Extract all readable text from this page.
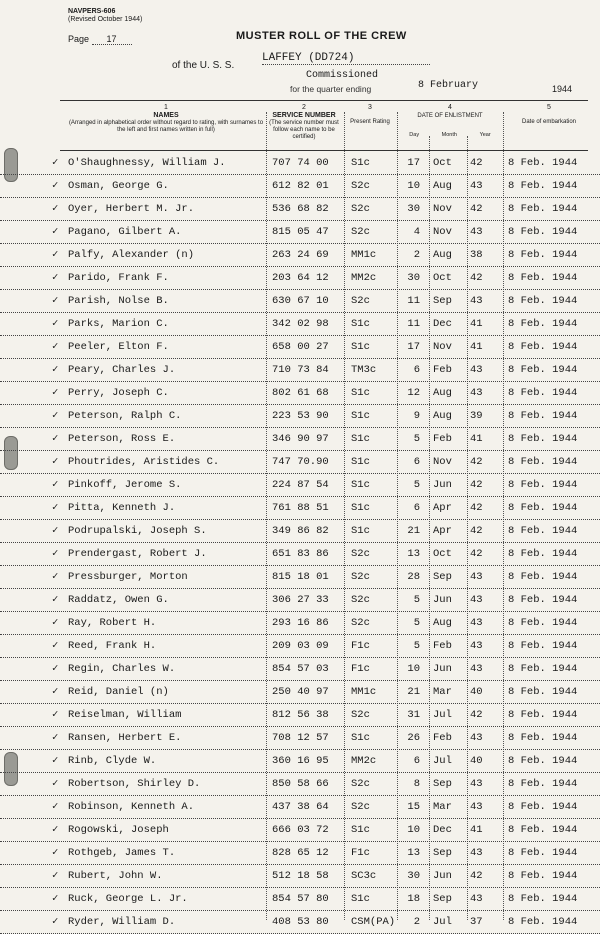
NAVPERS-606
(Revised October 1944)
Page 17	MUSTER ROLL OF THE CREW
of the U. S. S.
LAFFEY (DD724)
Commissioned
for the quarter ending	8 February	1944
1
NAMES
(Arranged in alphabetical order without regard to rating, with surnames to the left and first names written in full)
2
SERVICE NUMBER
(The service number must follow each name to be certified)
3
Present Rating
4
DATE OF ENLISTMENT
Day	Month	Year
5
Date of embarkation
✓ O'Shaughnessy, William J.	707 74 00	S1c	17 Oct	42	8 Feb. 1944
✓ Osman, George G.	612 82 01	S2c	10 Aug	43	8 Feb. 1944
✓ Oyer, Herbert M. Jr.	536 68 82	S2c	30 Nov	42	8 Feb. 1944
✓ Pagano, Gilbert A.	815 05 47	S2c	4 Nov	43	8 Feb. 1944
✓ Palfy, Alexander (n)	263 24 69	MM1c	2 Aug	38	8 Feb. 1944
✓ Parido, Frank F.	203 64 12	MM2c	30 Oct	42	8 Feb. 1944
✓ Parish, Nolse B.	630 67 10	S2c	11 Sep	43	8 Feb. 1944
✓ Parks, Marion C.	342 02 98	S1c	11 Dec	41	8 Feb. 1944
✓ Peeler, Elton F.	658 00 27	S1c	17 Nov	41	8 Feb. 1944
✓ Peary, Charles J.	710 73 84	TM3c	6 Feb	43	8 Feb. 1944
✓ Perry, Joseph C.	802 61 68	S1c	12 Aug	43	8 Feb. 1944
✓ Peterson, Ralph C.	223 53 90	S1c	9 Aug	39	8 Feb. 1944
✓ Peterson, Ross E.	346 90 97	S1c	5 Feb	41	8 Feb. 1944
✓ Phoutrides, Aristides C.	747 70.90	S1c	6 Nov	42	8 Feb. 1944
✓ Pinkoff, Jerome S.	224 87 54	S1c	5 Jun	42	8 Feb. 1944
✓ Pitta, Kenneth J.	761 88 51	S1c	6 Apr	42	8 Feb. 1944
✓ Podrupalski, Joseph S.	349 86 82	S1c	21 Apr	42	8 Feb. 1944
✓ Prendergast, Robert J.	651 83 86	S2c	13 Oct	42	8 Feb. 1944
✓ Pressburger, Morton	815 18 01	S2c	28 Sep	43	8 Feb. 1944
✓ Raddatz, Owen G.	306 27 33	S2c	5 Jun	43	8 Feb. 1944
✓ Ray, Robert H.	293 16 86	S2c	5 Aug	43	8 Feb. 1944
✓ Reed, Frank H.	209 03 09	F1c	5 Feb	43	8 Feb. 1944
✓ Regin, Charles W.	854 57 03	F1c	10 Jun	43	8 Feb. 1944
✓ Reid, Daniel (n)	250 40 97	MM1c	21 Mar	40	8 Feb. 1944
✓ Reiselman, William	812 56 38	S2c	31 Jul	42	8 Feb. 1944
✓ Ransen, Herbert E.	708 12 57	S1c	26 Feb	43	8 Feb. 1944
✓ Rinb, Clyde W.	360 16 95	MM2c	6 Jul	40	8 Feb. 1944
✓ Robertson, Shirley D.	850 58 66	S2c	8 Sep	43	8 Feb. 1944
✓ Robinson, Kenneth A.	437 38 64	S2c	15 Mar	43	8 Feb. 1944
✓ Rogowski, Joseph	666 03 72	S1c	10 Dec	41	8 Feb. 1944
✓ Rothgeb, James T.	828 65 12	F1c	13 Sep	43	8 Feb. 1944
✓ Rubert, John W.	512 18 58	SC3c	30 Jun	42	8 Feb. 1944
✓ Ruck, George L. Jr.	854 57 80	S1c	18 Sep	43	8 Feb. 1944
✓ Ryder, William D.	408 53 80	CSM(PA)	2 Jul	37	8 Feb. 1944
